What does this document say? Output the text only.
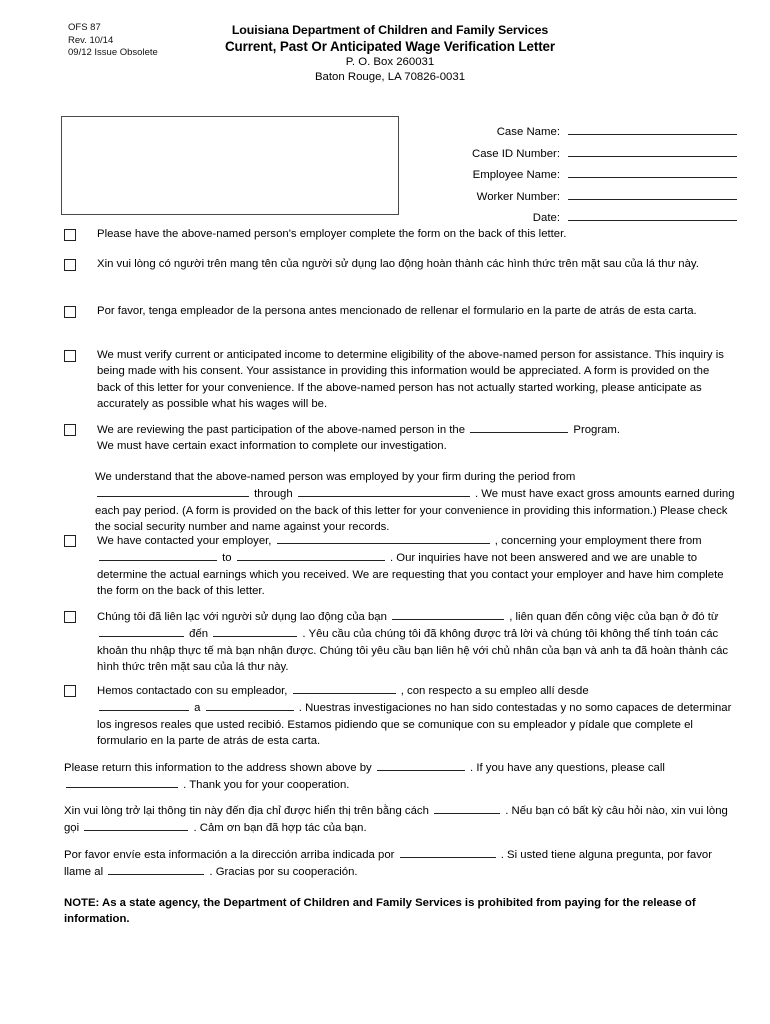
OFS 87
Rev. 10/14
09/12 Issue Obsolete
Louisiana Department of Children and Family Services
Current, Past Or Anticipated Wage Verification Letter
P. O. Box 260031
Baton Rouge, LA 70826-0031
Case Name:
Case ID Number:
Employee Name:
Worker Number:
Date:
Please have the above-named person's employer complete the form on the back of this letter.
Xin vui lòng có người trên mang tên của người sử dụng lao động hoàn thành các hình thức trên mặt sau của lá thư này.
Por favor, tenga empleador de la persona antes mencionado de rellenar el formulario en la parte de atrás de esta carta.
We must verify current or anticipated income to determine eligibility of the above-named person for assistance. This inquiry is being made with his consent. Your assistance in providing this information would be appreciated. A form is provided on the back of this letter for your convenience. If the above-named person has not actually started working, please anticipate as accurately as possible what his wages will be.
We are reviewing the past participation of the above-named person in the	Program.
We must have certain exact information to complete our investigation.
We understand that the above-named person was employed by your firm during the period from
through	. We must have exact gross amounts earned during each pay period. (A form is provided on the back of this letter for your convenience in providing this information.) Please check the social security number and name against your records.
We have contacted your employer,	, concerning your employment there from  to	. Our inquiries have not been answered and we are unable to determine the actual earnings which you received. We are requesting that you contact your employer and have him complete the form on the back of this letter.
Chúng tôi đã liên lạc với người sử dụng lao động của bạn	, liên quan đến công việc của bạn ở đó từ  đến	. Yêu cầu của chúng tôi đã không được trả lời và chúng tôi không thể tính toán các khoản thu nhập thực tế mà bạn nhận được. Chúng tôi yêu cầu bạn liên hệ với chủ nhân của bạn và anh ta đã hoàn thành các hình thức trên mặt sau của lá thư này.
Hemos contactado con su empleador,	, con respecto a su empleo allí desde
a	. Nuestras investigaciones no han sido contestadas y no somo capaces de determinar los ingresos reales que usted recibió. Estamos pidiendo que se comunique con su empleador y pídale que complete el formulario en la parte de atrás de esta carta.
Please return this information to the address shown above by	. If you have any questions, please call  . Thank you for your cooperation.
Xin vui lòng trở lại thông tin này đến địa chỉ được hiển thị trên bằng cách	. Nếu bạn có bất kỳ câu hỏi nào, xin vui lòng gọi	. Cảm ơn bạn đã hợp tác của bạn.
Por favor envíe esta información a la dirección arriba indicada por	. Si usted tiene alguna pregunta, por favor llame al	. Gracias por su cooperación.
NOTE: As a state agency, the Department of Children and Family Services is prohibited from paying for the release of information.
